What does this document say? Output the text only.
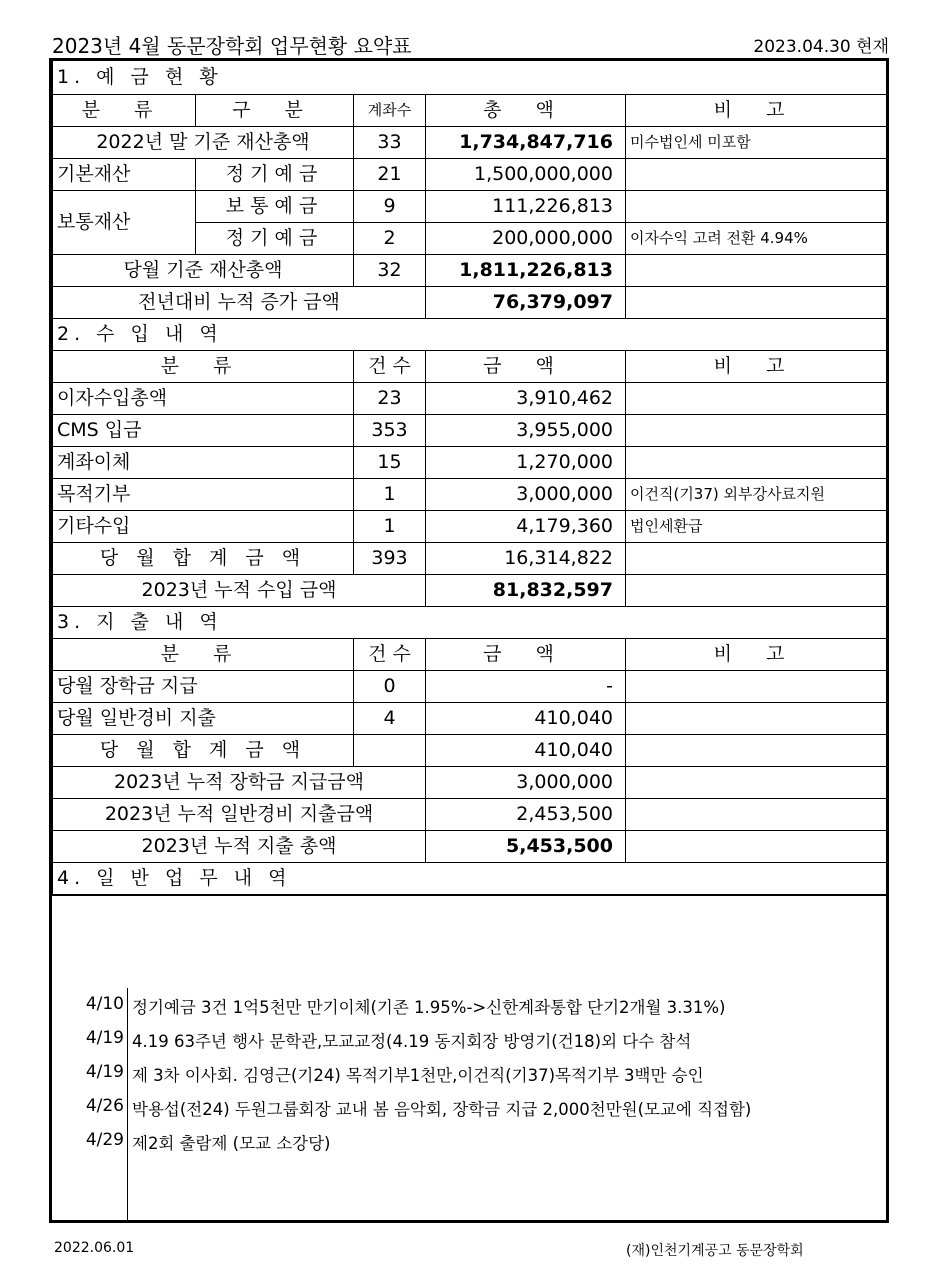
2023년 4월 동문장학회 업무현황 요약표	2023.04.30 현재
1. 예 금 현 황				
분 류	구 분	계좌수	총 액	비 고
2022년 말 기준 재산총액		33	1,734,847,716	미수법인세 미포함
기본재산	정기예금	21	1,500,000,000	
보통재산	보통예금	9	111,226,813	
	정기예금	2	200,000,000	이자수익 고려 전환 4.94%
당월 기준 재산총액		32	1,811,226,813	
전년대비 누적 증가 금액			76,379,097	
2. 수 입 내 역			
분 류	건 수	금 액	비 고
이자수입총액	23	3,910,462	
CMS 입금	353	3,955,000	
계좌이체	15	1,270,000	
목적기부	1	3,000,000	이건직(기37) 외부강사료지원
기타수입	1	4,179,360	법인세환급
당 월 합 계 금 액	393	16,314,822	
2023년 누적 수입 금액		81,832,597	
3. 지 출 내 역			
분 류	건 수	금 액	비 고
당월 장학금 지급	0	-	
당월 일반경비 지출	4	410,040	
당 월 합 계 금 액		410,040	
2023년 누적 장학금 지급금액		3,000,000	
2023년 누적 일반경비 지출금액		2,453,500	
2023년 누적 지출 총액		5,453,500	
4. 일 반 업 무 내 역			
4/10 정기예금 3건 1억5천만 만기이체(기존 1.95%->신한계좌통합 단기2개월 3.31%)
4/19 4.19 63주년 행사 문학관,모교교정(4.19 동지회장 방영기(건18)외 다수 참석
4/19 제 3차 이사회. 김영근(기24) 목적기부1천만,이건직(기37)목적기부 3백만 승인
4/26 박용섭(전24) 두원그룹회장 교내 봄 음악회, 장학금 지급 2,000천만원(모교에 직접함)
4/29 제2회 출람제 (모교 소강당)
2022.06.01	(재)인천기계공고 동문장학회
